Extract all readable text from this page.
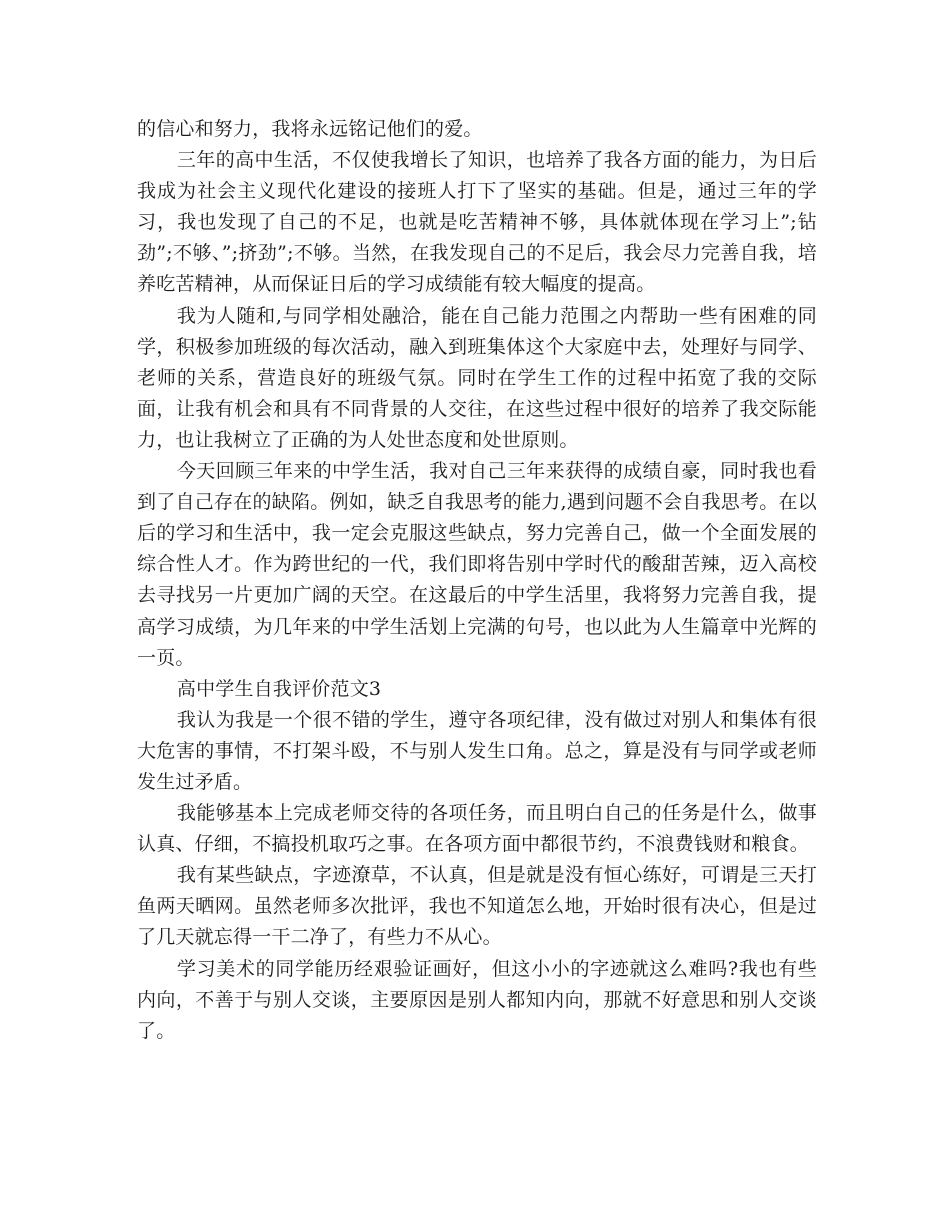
的信心和努力，我将永远铭记他们的爱。

三年的高中生活，不仅使我增长了知识，也培养了我各方面的能力，为日后我成为社会主义现代化建设的接班人打下了坚实的基础。但是，通过三年的学习，我也发现了自己的不足，也就是吃苦精神不够，具体就体现在学习上”;钻劲”;不够、”;挤劲”;不够。当然，在我发现自己的不足后，我会尽力完善自我，培养吃苦精神，从而保证日后的学习成绩能有较大幅度的提高。

我为人随和,与同学相处融洽，能在自己能力范围之内帮助一些有困难的同学，积极参加班级的每次活动，融入到班集体这个大家庭中去，处理好与同学、老师的关系，营造良好的班级气氛。同时在学生工作的过程中拓宽了我的交际面，让我有机会和具有不同背景的人交往，在这些过程中很好的培养了我交际能力，也让我树立了正确的为人处世态度和处世原则。

今天回顾三年来的中学生活，我对自己三年来获得的成绩自豪，同时我也看到了自己存在的缺陷。例如，缺乏自我思考的能力,遇到问题不会自我思考。在以后的学习和生活中，我一定会克服这些缺点，努力完善自己，做一个全面发展的综合性人才。作为跨世纪的一代，我们即将告别中学时代的酸甜苦辣，迈入高校去寻找另一片更加广阔的天空。在这最后的中学生活里，我将努力完善自我，提高学习成绩，为几年来的中学生活划上完满的句号，也以此为人生篇章中光辉的一页。

高中学生自我评价范文3

我认为我是一个很不错的学生，遵守各项纪律，没有做过对别人和集体有很大危害的事情，不打架斗殴，不与别人发生口角。总之，算是没有与同学或老师发生过矛盾。

我能够基本上完成老师交待的各项任务，而且明白自己的任务是什么，做事认真、仔细，不搞投机取巧之事。在各项方面中都很节约，不浪费钱财和粮食。

我有某些缺点，字迹潦草，不认真，但是就是没有恒心练好，可谓是三天打鱼两天晒网。虽然老师多次批评，我也不知道怎么地，开始时很有决心，但是过了几天就忘得一干二净了，有些力不从心。

学习美术的同学能历经艰验证画好，但这小小的字迹就这么难吗?我也有些内向，不善于与别人交谈，主要原因是别人都知内向，那就不好意思和别人交谈了。
